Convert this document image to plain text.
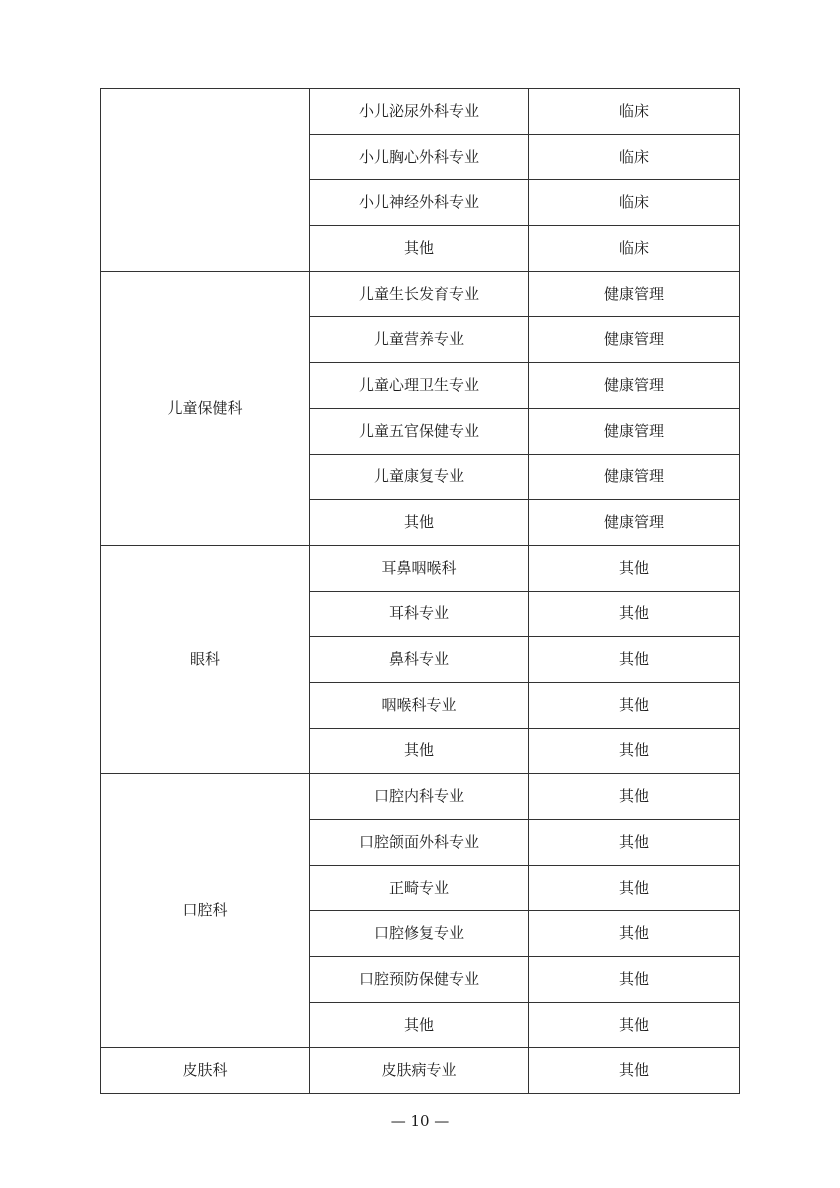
	小儿泌尿外科专业	临床
	小儿胸心外科专业	临床
	小儿神经外科专业	临床
	其他	临床
儿童保健科	儿童生长发育专业	健康管理
	儿童营养专业	健康管理
	儿童心理卫生专业	健康管理
	儿童五官保健专业	健康管理
	儿童康复专业	健康管理
	其他	健康管理
眼科	耳鼻咽喉科	其他
	耳科专业	其他
	鼻科专业	其他
	咽喉科专业	其他
	其他	其他
口腔科	口腔内科专业	其他
	口腔颌面外科专业	其他
	正畸专业	其他
	口腔修复专业	其他
	口腔预防保健专业	其他
	其他	其他
皮肤科	皮肤病专业	其他
— 10 —
